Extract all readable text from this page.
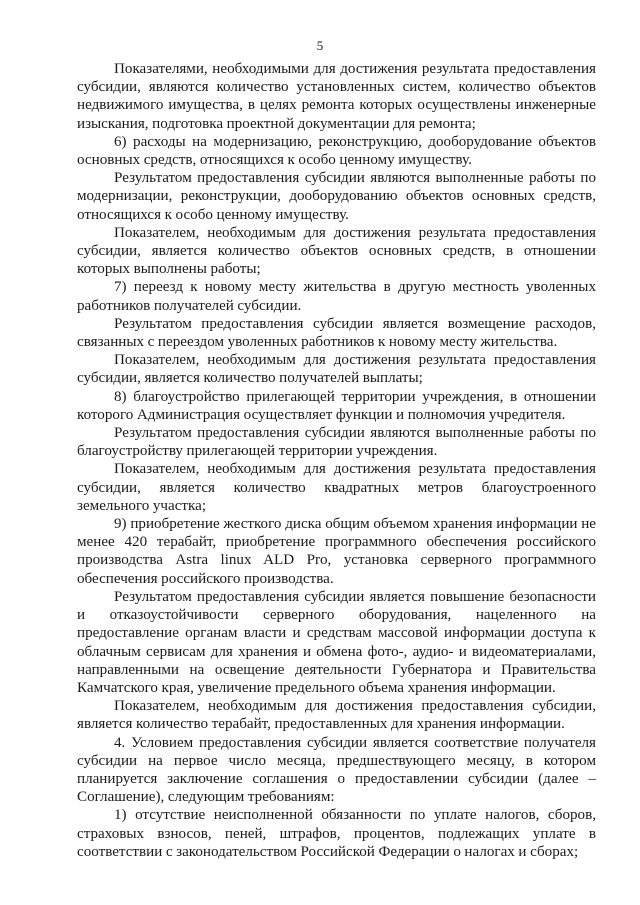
5

Показателями, необходимыми для достижения результата предоставления субсидии, являются количество установленных систем, количество объектов недвижимого имущества, в целях ремонта которых осуществлены инженерные изыскания, подготовка проектной документации для ремонта;

6) расходы на модернизацию, реконструкцию, дооборудование объектов основных средств, относящихся к особо ценному имуществу.

Результатом предоставления субсидии являются выполненные работы по модернизации, реконструкции, дооборудованию объектов основных средств, относящихся к особо ценному имуществу.

Показателем, необходимым для достижения результата предоставления субсидии, является количество объектов основных средств, в отношении которых выполнены работы;

7) переезд к новому месту жительства в другую местность уволенных работников получателей субсидии.

Результатом предоставления субсидии является возмещение расходов, связанных с переездом уволенных работников к новому месту жительства.

Показателем, необходимым для достижения результата предоставления субсидии, является количество получателей выплаты;

8) благоустройство прилегающей территории учреждения, в отношении которого Администрация осуществляет функции и полномочия учредителя.

Результатом предоставления субсидии являются выполненные работы по благоустройству прилегающей территории учреждения.

Показателем, необходимым для достижения результата предоставления субсидии, является количество квадратных метров благоустроенного земельного участка;

9) приобретение жесткого диска общим объемом хранения информации не менее 420 терабайт, приобретение программного обеспечения российского производства Astra linux ALD Pro, установка серверного программного обеспечения российского производства.

Результатом предоставления субсидии является повышение безопасности и отказоустойчивости серверного оборудования, нацеленного на предоставление органам власти и средствам массовой информации доступа к облачным сервисам для хранения и обмена фото-, аудио- и видеоматериалами, направленными на освещение деятельности Губернатора и Правительства Камчатского края, увеличение предельного объема хранения информации.

Показателем, необходимым для достижения предоставления субсидии, является количество терабайт, предоставленных для хранения информации.

4. Условием предоставления субсидии является соответствие получателя субсидии на первое число месяца, предшествующего месяцу, в котором планируется заключение соглашения о предоставлении субсидии (далее – Соглашение), следующим требованиям:

1) отсутствие неисполненной обязанности по уплате налогов, сборов, страховых взносов, пеней, штрафов, процентов, подлежащих уплате в соответствии с законодательством Российской Федерации о налогах и сборах;
